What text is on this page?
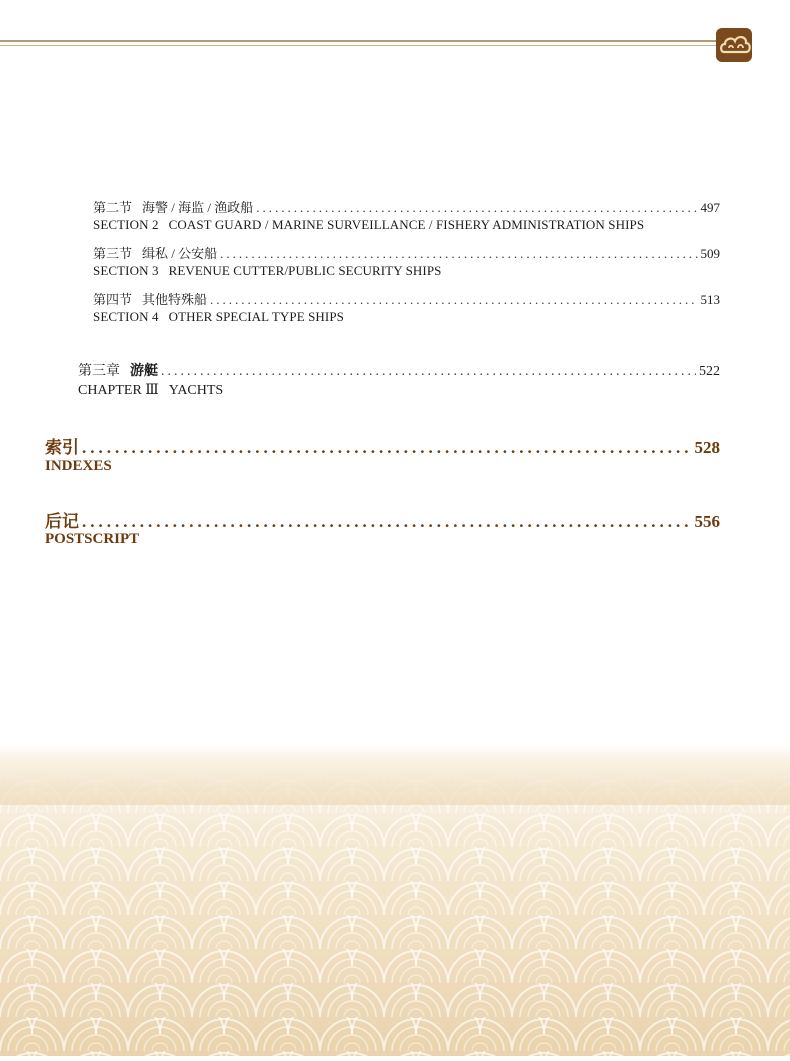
第二节 海警 / 海监 / 渔政船 .....	497
SECTION 2   COAST GUARD / MARINE SURVEILLANCE / FISHERY ADMINISTRATION SHIPS
第三节 缉私 / 公安船 .....	509
SECTION 3   REVENUE CUTTER/PUBLIC SECURITY SHIPS
第四节 其他特殊船 .....	513
SECTION 4   OTHER SPECIAL TYPE SHIPS
第三章 游艇 .....	522
CHAPTER Ⅲ   YACHTS
索引 .....	528
INDEXES
后记 .....	556
POSTSCRIPT
